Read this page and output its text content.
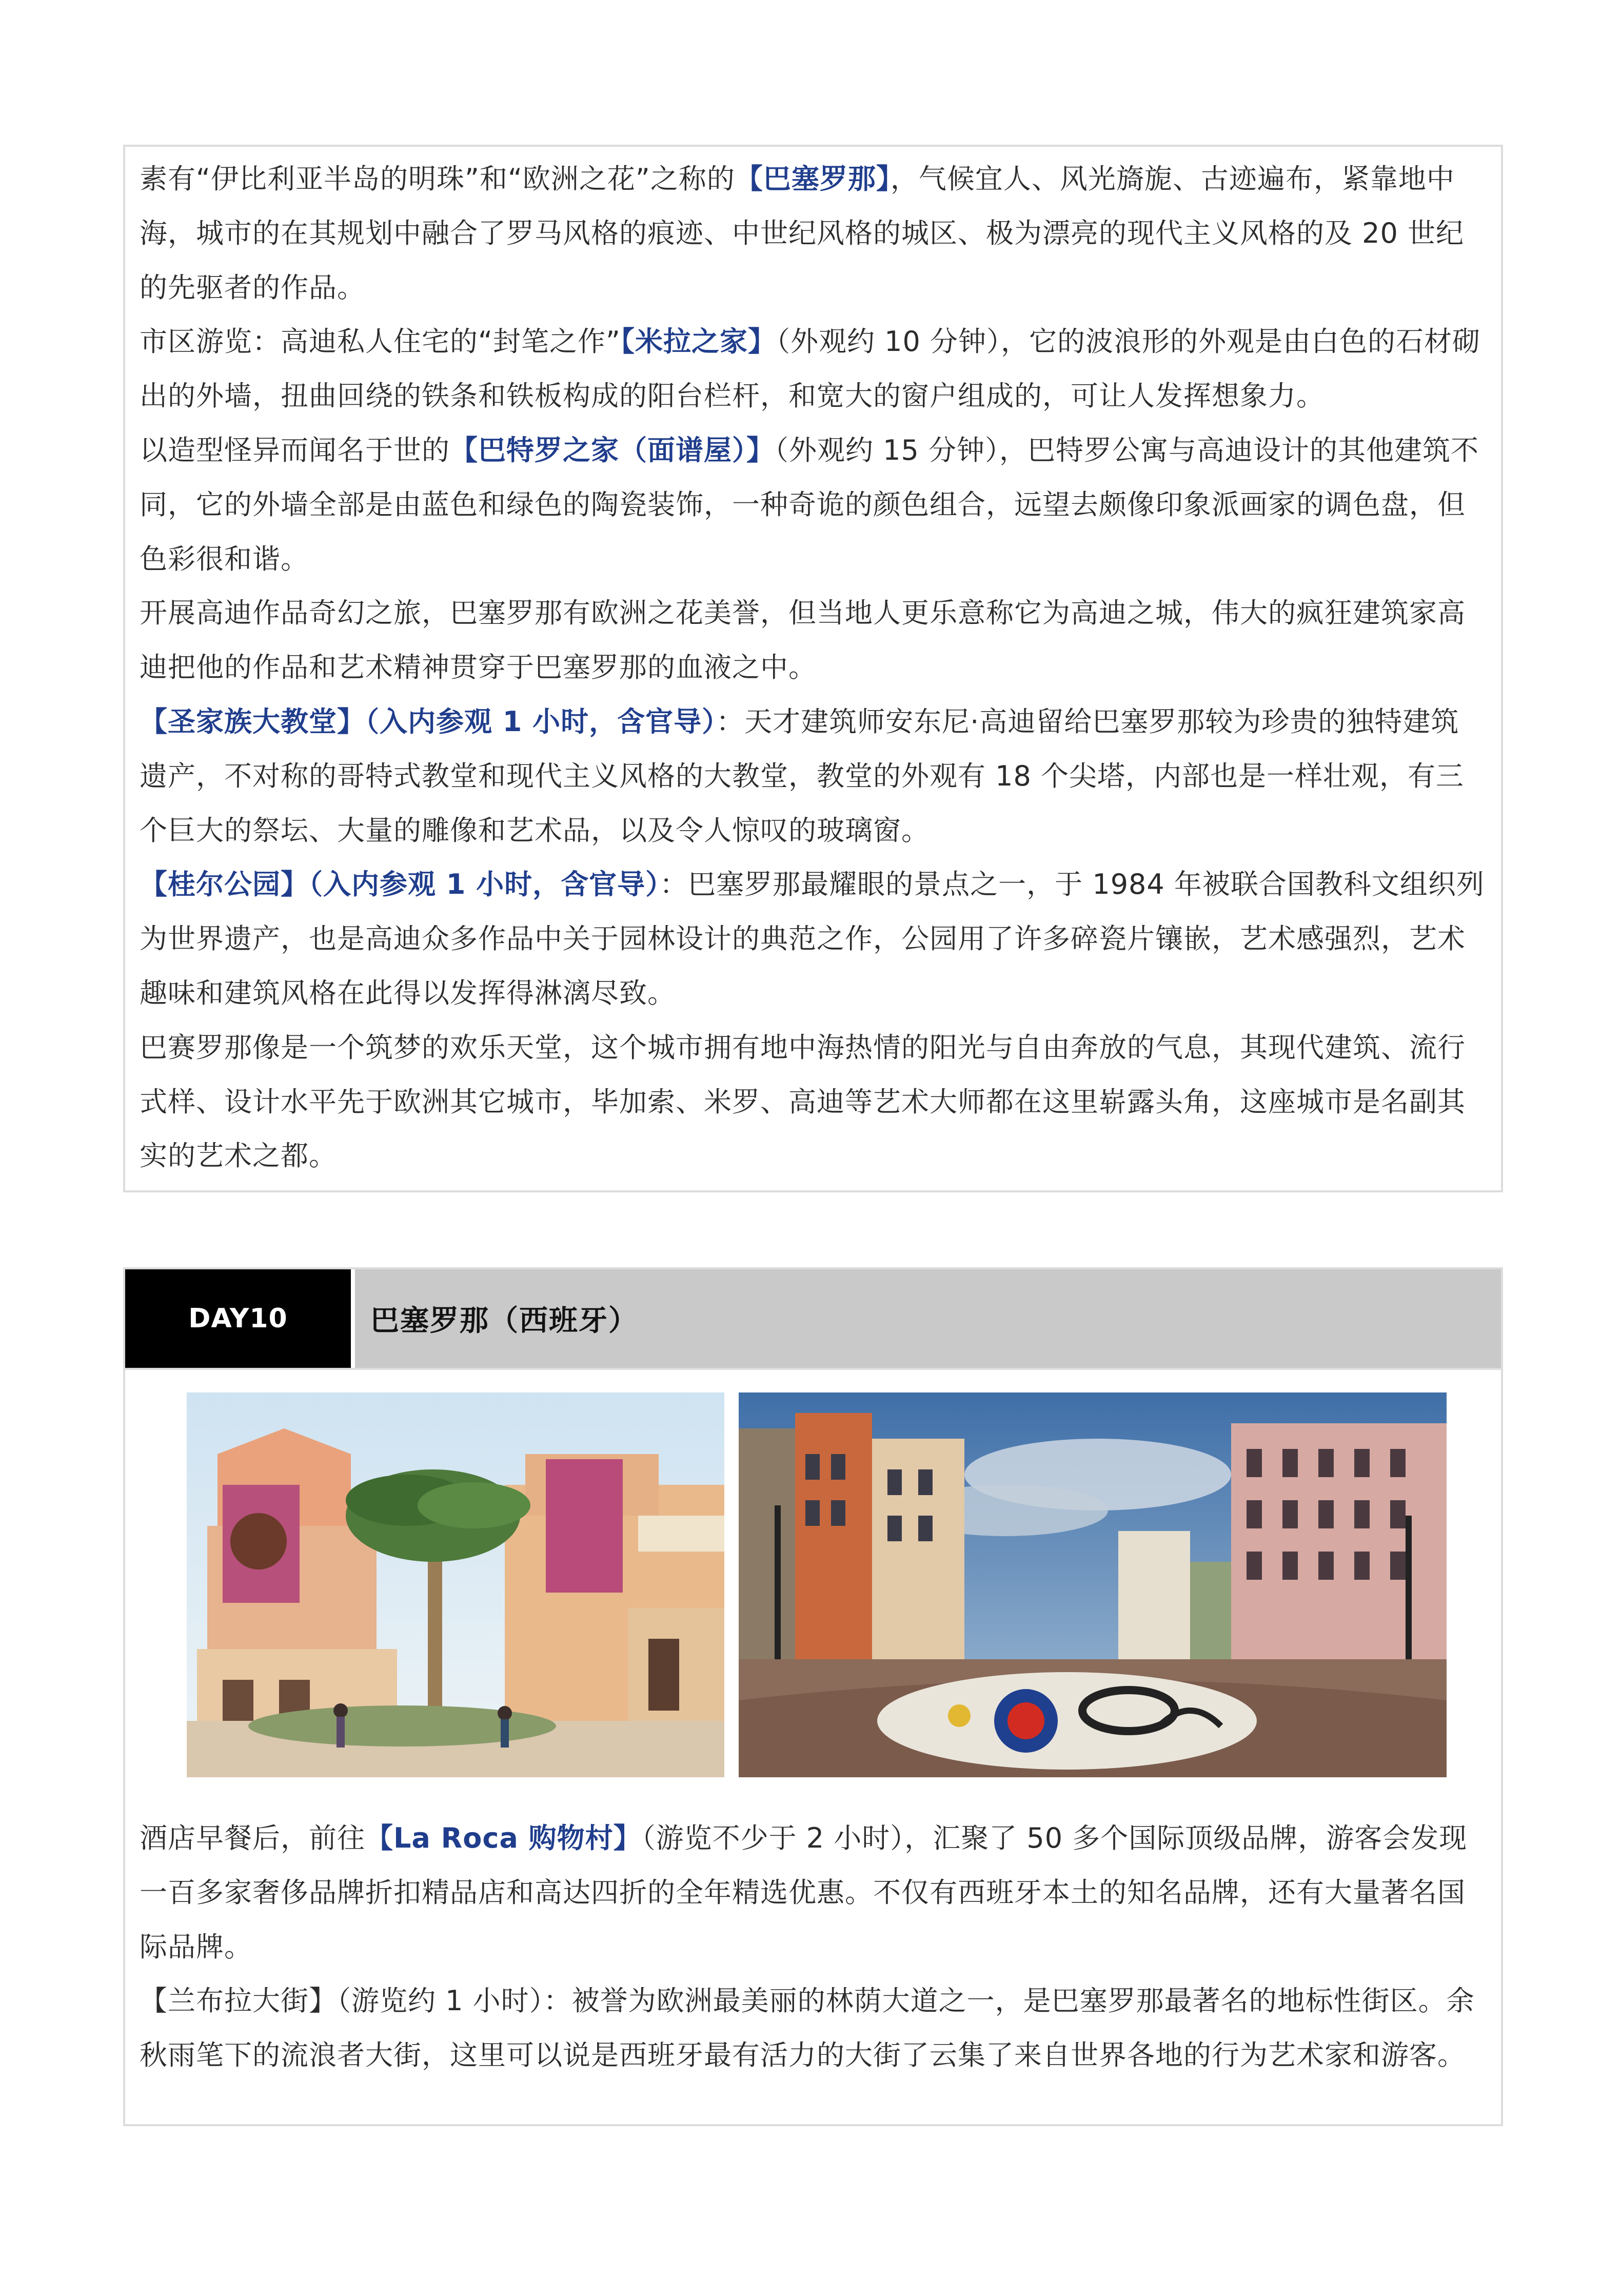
素有“伊比利亚半岛的明珠”和“欧洲之花”之称的【巴塞罗那】，气候宜人、风光旖旎、古迹遍布，紧靠地中海，城市的在其规划中融合了罗马风格的痕迹、中世纪风格的城区、极为漂亮的现代主义风格的及 20 世纪的先驱者的作品。

市区游览：高迪私人住宅的“封笔之作”【米拉之家】（外观约 10 分钟），它的波浪形的外观是由白色的石材砌出的外墙，扭曲回绕的铁条和铁板构成的阳台栏杆，和宽大的窗户组成的，可让人发挥想象力。

以造型怪异而闻名于世的【巴特罗之家（面谱屋）】（外观约 15 分钟），巴特罗公寓与高迪设计的其他建筑不同，它的外墙全部是由蓝色和绿色的陶瓷装饰，一种奇诡的颜色组合，远望去颇像印象派画家的调色盘，但色彩很和谐。

开展高迪作品奇幻之旅，巴塞罗那有欧洲之花美誉，但当地人更乐意称它为高迪之城，伟大的疯狂建筑家高迪把他的作品和艺术精神贯穿于巴塞罗那的血液之中。

【圣家族大教堂】（入内参观 1 小时，含官导）：天才建筑师安东尼·高迪留给巴塞罗那较为珍贵的独特建筑遗产，不对称的哥特式教堂和现代主义风格的大教堂，教堂的外观有 18 个尖塔，内部也是一样壮观，有三个巨大的祭坛、大量的雕像和艺术品，以及令人惊叹的玻璃窗。

【桂尔公园】（入内参观 1 小时，含官导）：巴塞罗那最耀眼的景点之一，于 1984 年被联合国教科文组织列为世界遗产，也是高迪众多作品中关于园林设计的典范之作，公园用了许多碎瓷片镶嵌，艺术感强烈，艺术趣味和建筑风格在此得以发挥得淋漓尽致。

巴赛罗那像是一个筑梦的欢乐天堂，这个城市拥有地中海热情的阳光与自由奔放的气息，其现代建筑、流行式样、设计水平先于欧洲其它城市，毕加索、米罗、高迪等艺术大师都在这里崭露头角，这座城市是名副其实的艺术之都。

DAY10	巴塞罗那（西班牙）

酒店早餐后，前往【La Roca 购物村】（游览不少于 2 小时），汇聚了 50 多个国际顶级品牌，游客会发现一百多家奢侈品牌折扣精品店和高达四折的全年精选优惠。不仅有西班牙本土的知名品牌，还有大量著名国际品牌。

【兰布拉大街】（游览约 1 小时）：被誉为欧洲最美丽的林荫大道之一，是巴塞罗那最著名的地标性街区。余秋雨笔下的流浪者大街，这里可以说是西班牙最有活力的大街了云集了来自世界各地的行为艺术家和游客。
